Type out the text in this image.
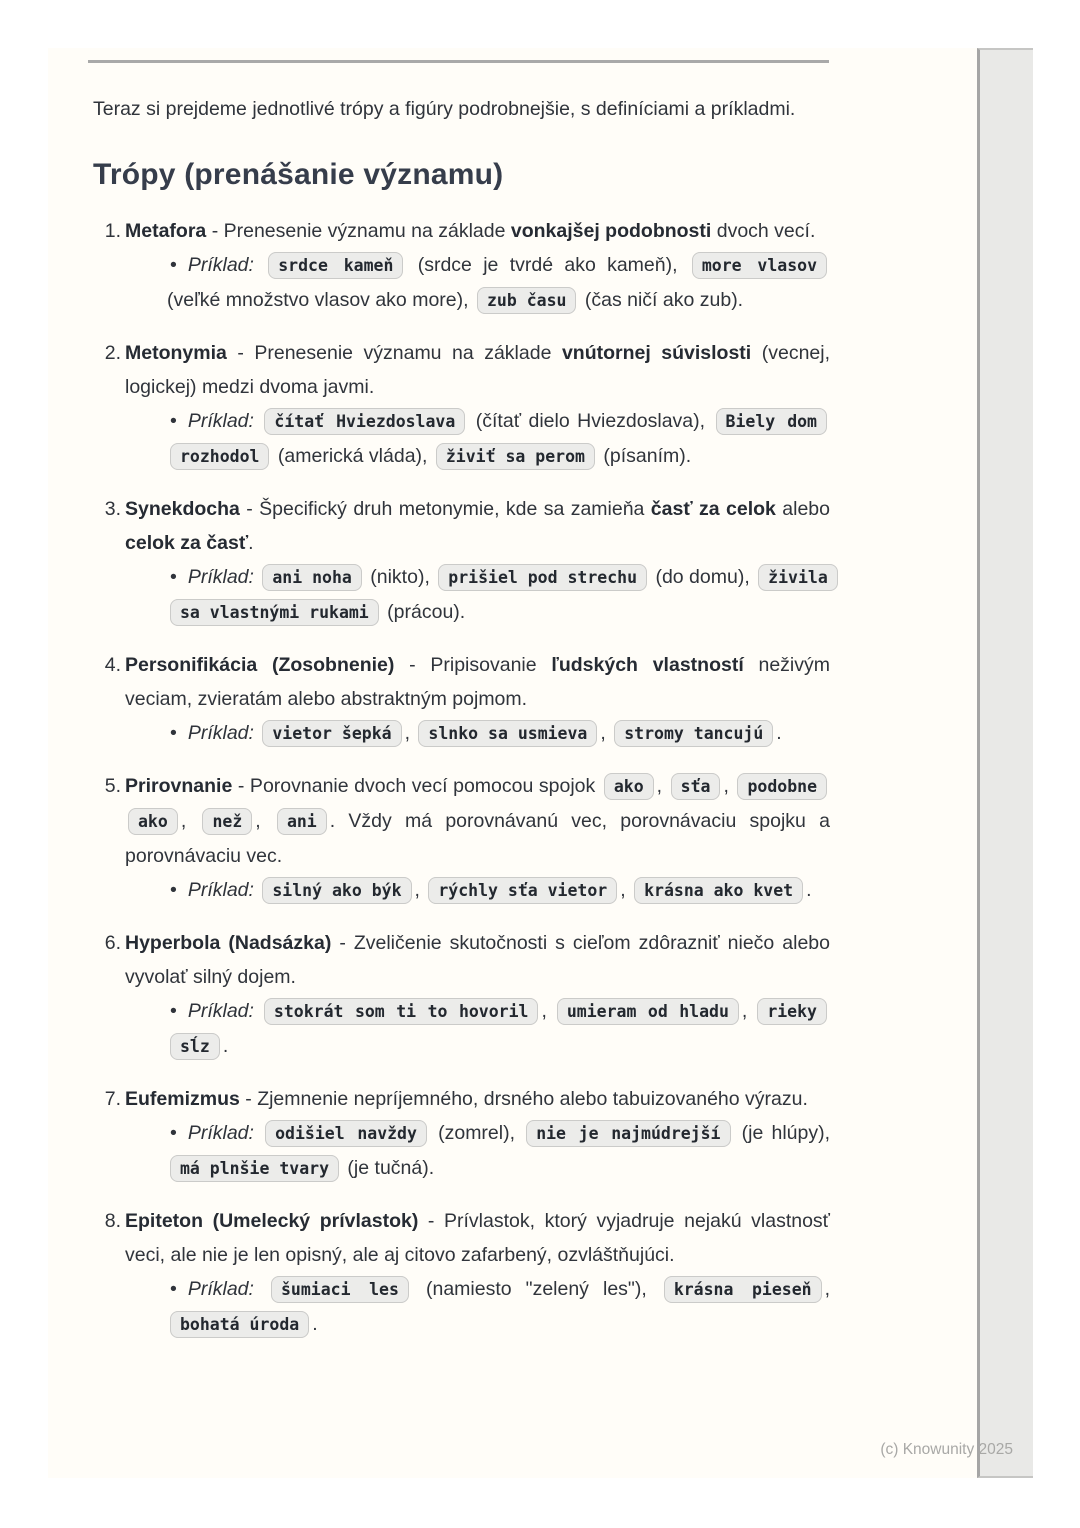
Teraz si prejdeme jednotlivé trópy a figúry podrobnejšie, s definíciami a príkladmi.

Trópy (prenášanie významu)
1. Metafora - Prenesenie významu na základe vonkajšej podobnosti dvoch vecí.
• Príklad: srdce kameň (srdce je tvrdé ako kameň), more vlasov (veľké množstvo vlasov ako more), zub času (čas ničí ako zub).
2. Metonymia - Prenesenie významu na základe vnútornej súvislosti (vecnej, logickej) medzi dvoma javmi.
• Príklad: čítať Hviezdoslava (čítať dielo Hviezdoslava), Biely dom rozhodol (americká vláda), živiť sa perom (písaním).
3. Synekdocha - Špecifický druh metonymie, kde sa zamieňa časť za celok alebo celok za časť.
• Príklad: ani noha (nikto), prišiel pod strechu (do domu), živila sa vlastnými rukami (prácou).
4. Personifikácia (Zosobnenie) - Pripisovanie ľudských vlastností neživým veciam, zvieratám alebo abstraktným pojmom.
• Príklad: vietor šepká , slnko sa usmieva , stromy tancujú .
5. Prirovnanie - Porovnanie dvoch vecí pomocou spojok ako , sťa , podobne ako , než , ani . Vždy má porovnávanú vec, porovnávaciu spojku a porovnávaciu vec.
• Príklad: silný ako býk , rýchly sťa vietor , krásna ako kvet .
6. Hyperbola (Nadsázka) - Zveličenie skutočnosti s cieľom zdôrazniť niečo alebo vyvolať silný dojem.
• Príklad: stokrát som ti to hovoril , umieram od hladu , rieky sĺz .
7. Eufemizmus - Zjemnenie nepríjemného, drsného alebo tabuizovaného výrazu.
• Príklad: odišiel navždy (zomrel), nie je najmúdrejší (je hlúpy), má plnšie tvary (je tučná).
8. Epiteton (Umelecký prívlastok) - Prívlastok, ktorý vyjadruje nejakú vlastnosť veci, ale nie je len opisný, ale aj citovo zafarbený, ozvláštňujúci.
• Príklad: šumiaci les (namiesto "zelený les"), krásna pieseň , bohatá úroda .
(c) Knowunity 2025
